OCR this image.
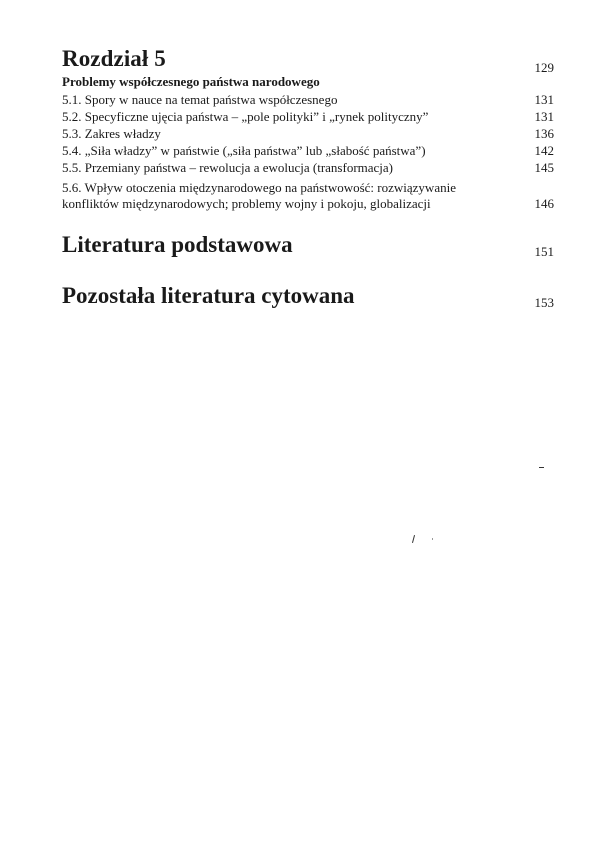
Rozdział 5	129
Problemy współczesnego państwa narodowego
5.1. Spory w nauce na temat państwa współczesnego	131
5.2. Specyficzne ujęcia państwa – „pole polityki” i „rynek polityczny”	131
5.3. Zakres władzy	136
5.4. „Siła władzy” w państwie („siła państwa” lub „słabość państwa”)	142
5.5. Przemiany państwa – rewolucja a ewolucja (transformacja)	145
5.6. Wpływ otoczenia międzynarodowego na państwowość: rozwiązywanie
konfliktów międzynarodowych; problemy wojny i pokoju, globalizacji	146
Literatura podstawowa	151
Pozostała literatura cytowana	153
